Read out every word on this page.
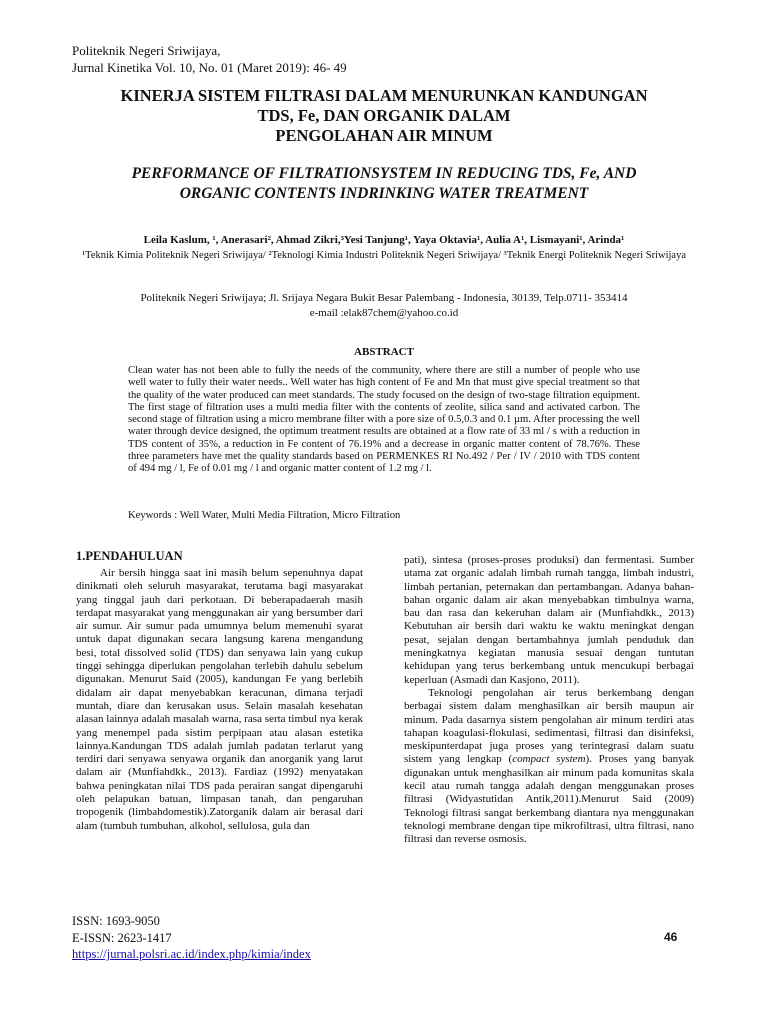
Politeknik Negeri Sriwijaya,
Jurnal Kinetika Vol. 10, No. 01 (Maret 2019): 46- 49
KINERJA SISTEM FILTRASI DALAM MENURUNKAN KANDUNGAN
TDS, Fe, DAN ORGANIK DALAM
PENGOLAHAN AIR MINUM
PERFORMANCE OF FILTRATIONSYSTEM IN REDUCING TDS, Fe, AND
ORGANIC CONTENTS INDRINKING WATER TREATMENT
Leila Kaslum, ¹, Anerasari², Ahmad Zikri,³Yesi Tanjung¹, Yaya Oktavia¹, Aulia A¹, Lismayani¹, Arinda¹
¹Teknik Kimia Politeknik Negeri Sriwijaya/ ²Teknologi Kimia Industri Politeknik Negeri Sriwijaya/ ³Teknik Energi Politeknik Negeri Sriwijaya
Politeknik Negeri Sriwijaya; Jl. Srijaya Negara Bukit Besar Palembang - Indonesia, 30139, Telp.0711- 353414
e-mail :elak87chem@yahoo.co.id
ABSTRACT
Clean water has not been able to fully the needs of the community, where there are still a number of people who use well water to fully their water needs.. Well water has high content of Fe and Mn that must give special treatment so that the quality of the water produced can meet standards. The study focused on the design of two-stage filtration equipment. The first stage of filtration uses a multi media filter with the contents of zeolite, silica sand and activated carbon. The second stage of filtration using a micro membrane filter with a pore size of 0.5,0.3 and 0.1 µm. After processing the well water through device designed, the optimum treatment results are obtained at a flow rate of 33 ml / s with a reduction in TDS content of 35%, a reduction in Fe content of 76.19% and a decrease in organic matter content of 78.76%. These three parameters have met the quality standards based on PERMENKES RI No.492 / Per / IV / 2010 with TDS content of 494 mg / l, Fe of 0.01 mg / l and organic matter content of 1.2 mg / l.
Keywords : Well Water, Multi Media Filtration, Micro Filtration
1.PENDAHULUAN

Air bersih hingga saat ini masih belum sepenuhnya dapat dinikmati oleh seluruh masyarakat, terutama bagi masyarakat yang tinggal jauh dari perkotaan. Di beberapadaerah masih terdapat masyarakat yang menggunakan air yang bersumber dari air sumur. Air sumur pada umumnya belum memenuhi syarat untuk dapat digunakan secara langsung karena mengandung besi, total dissolved solid (TDS) dan senyawa lain yang cukup tinggi sehingga diperlukan pengolahan terlebih dahulu sebelum digunakan. Menurut Said (2005), kandungan Fe yang berlebih didalam air dapat menyebabkan keracunan, dimana terjadi muntah, diare dan kerusakan usus. Selain masalah kesehatan alasan lainnya adalah masalah warna, rasa serta timbul nya kerak yang menempel pada sistim perpipaan atau alasan estetika lainnya.Kandungan TDS adalah jumlah padatan terlarut yang terdiri dari senyawa senyawa organik dan anorganik yang larut dalam air (Munfiahdkk., 2013). Fardiaz (1992) menyatakan bahwa peningkatan nilai TDS pada perairan sangat dipengaruhi oleh pelapukan batuan, limpasan tanah, dan pengaruhan tropogenik (limbahdomestik).Zatorganik dalam air berasal dari alam (tumbuh tumbuhan, alkohol, sellulosa, gula dan

pati), sintesa (proses-proses produksi) dan fermentasi. Sumber utama zat organic adalah limbah rumah tangga, limbah industri, limbah pertanian, peternakan dan pertambangan. Adanya bahan-bahan organic dalam air akan menyebabkan timbulnya warna, bau dan rasa dan kekeruhan dalam air (Munfiahdkk., 2013) Kebutuhan air bersih dari waktu ke waktu meningkat dengan pesat, sejalan dengan bertambahnya jumlah penduduk dan meningkatnya kegiatan manusia sesuai dengan tuntutan kehidupan yang terus berkembang untuk mencukupi berbagai keperluan (Asmadi dan Kasjono, 2011).

Teknologi pengolahan air terus berkembang dengan berbagai sistem dalam menghasilkan air bersih maupun air minum. Pada dasarnya sistem pengolahan air minum terdiri atas tahapan koagulasi-flokulasi, sedimentasi, filtrasi dan disinfeksi, meskipunterdapat juga proses yang terintegrasi dalam suatu sistem yang lengkap (compact system). Proses yang banyak digunakan untuk menghasilkan air minum pada komunitas skala kecil atau rumah tangga adalah dengan menggunakan proses filtrasi (Widyastutidan Antik,2011).Menurut Said (2009) Teknologi filtrasi sangat berkembang diantara nya menggunakan teknologi membrane dengan tipe mikrofiltrasi, ultra filtrasi, nano filtrasi dan reverse osmosis.

ISSN: 1693-9050
E-ISSN: 2623-1417
https://jurnal.polsri.ac.id/index.php/kimia/index
46
